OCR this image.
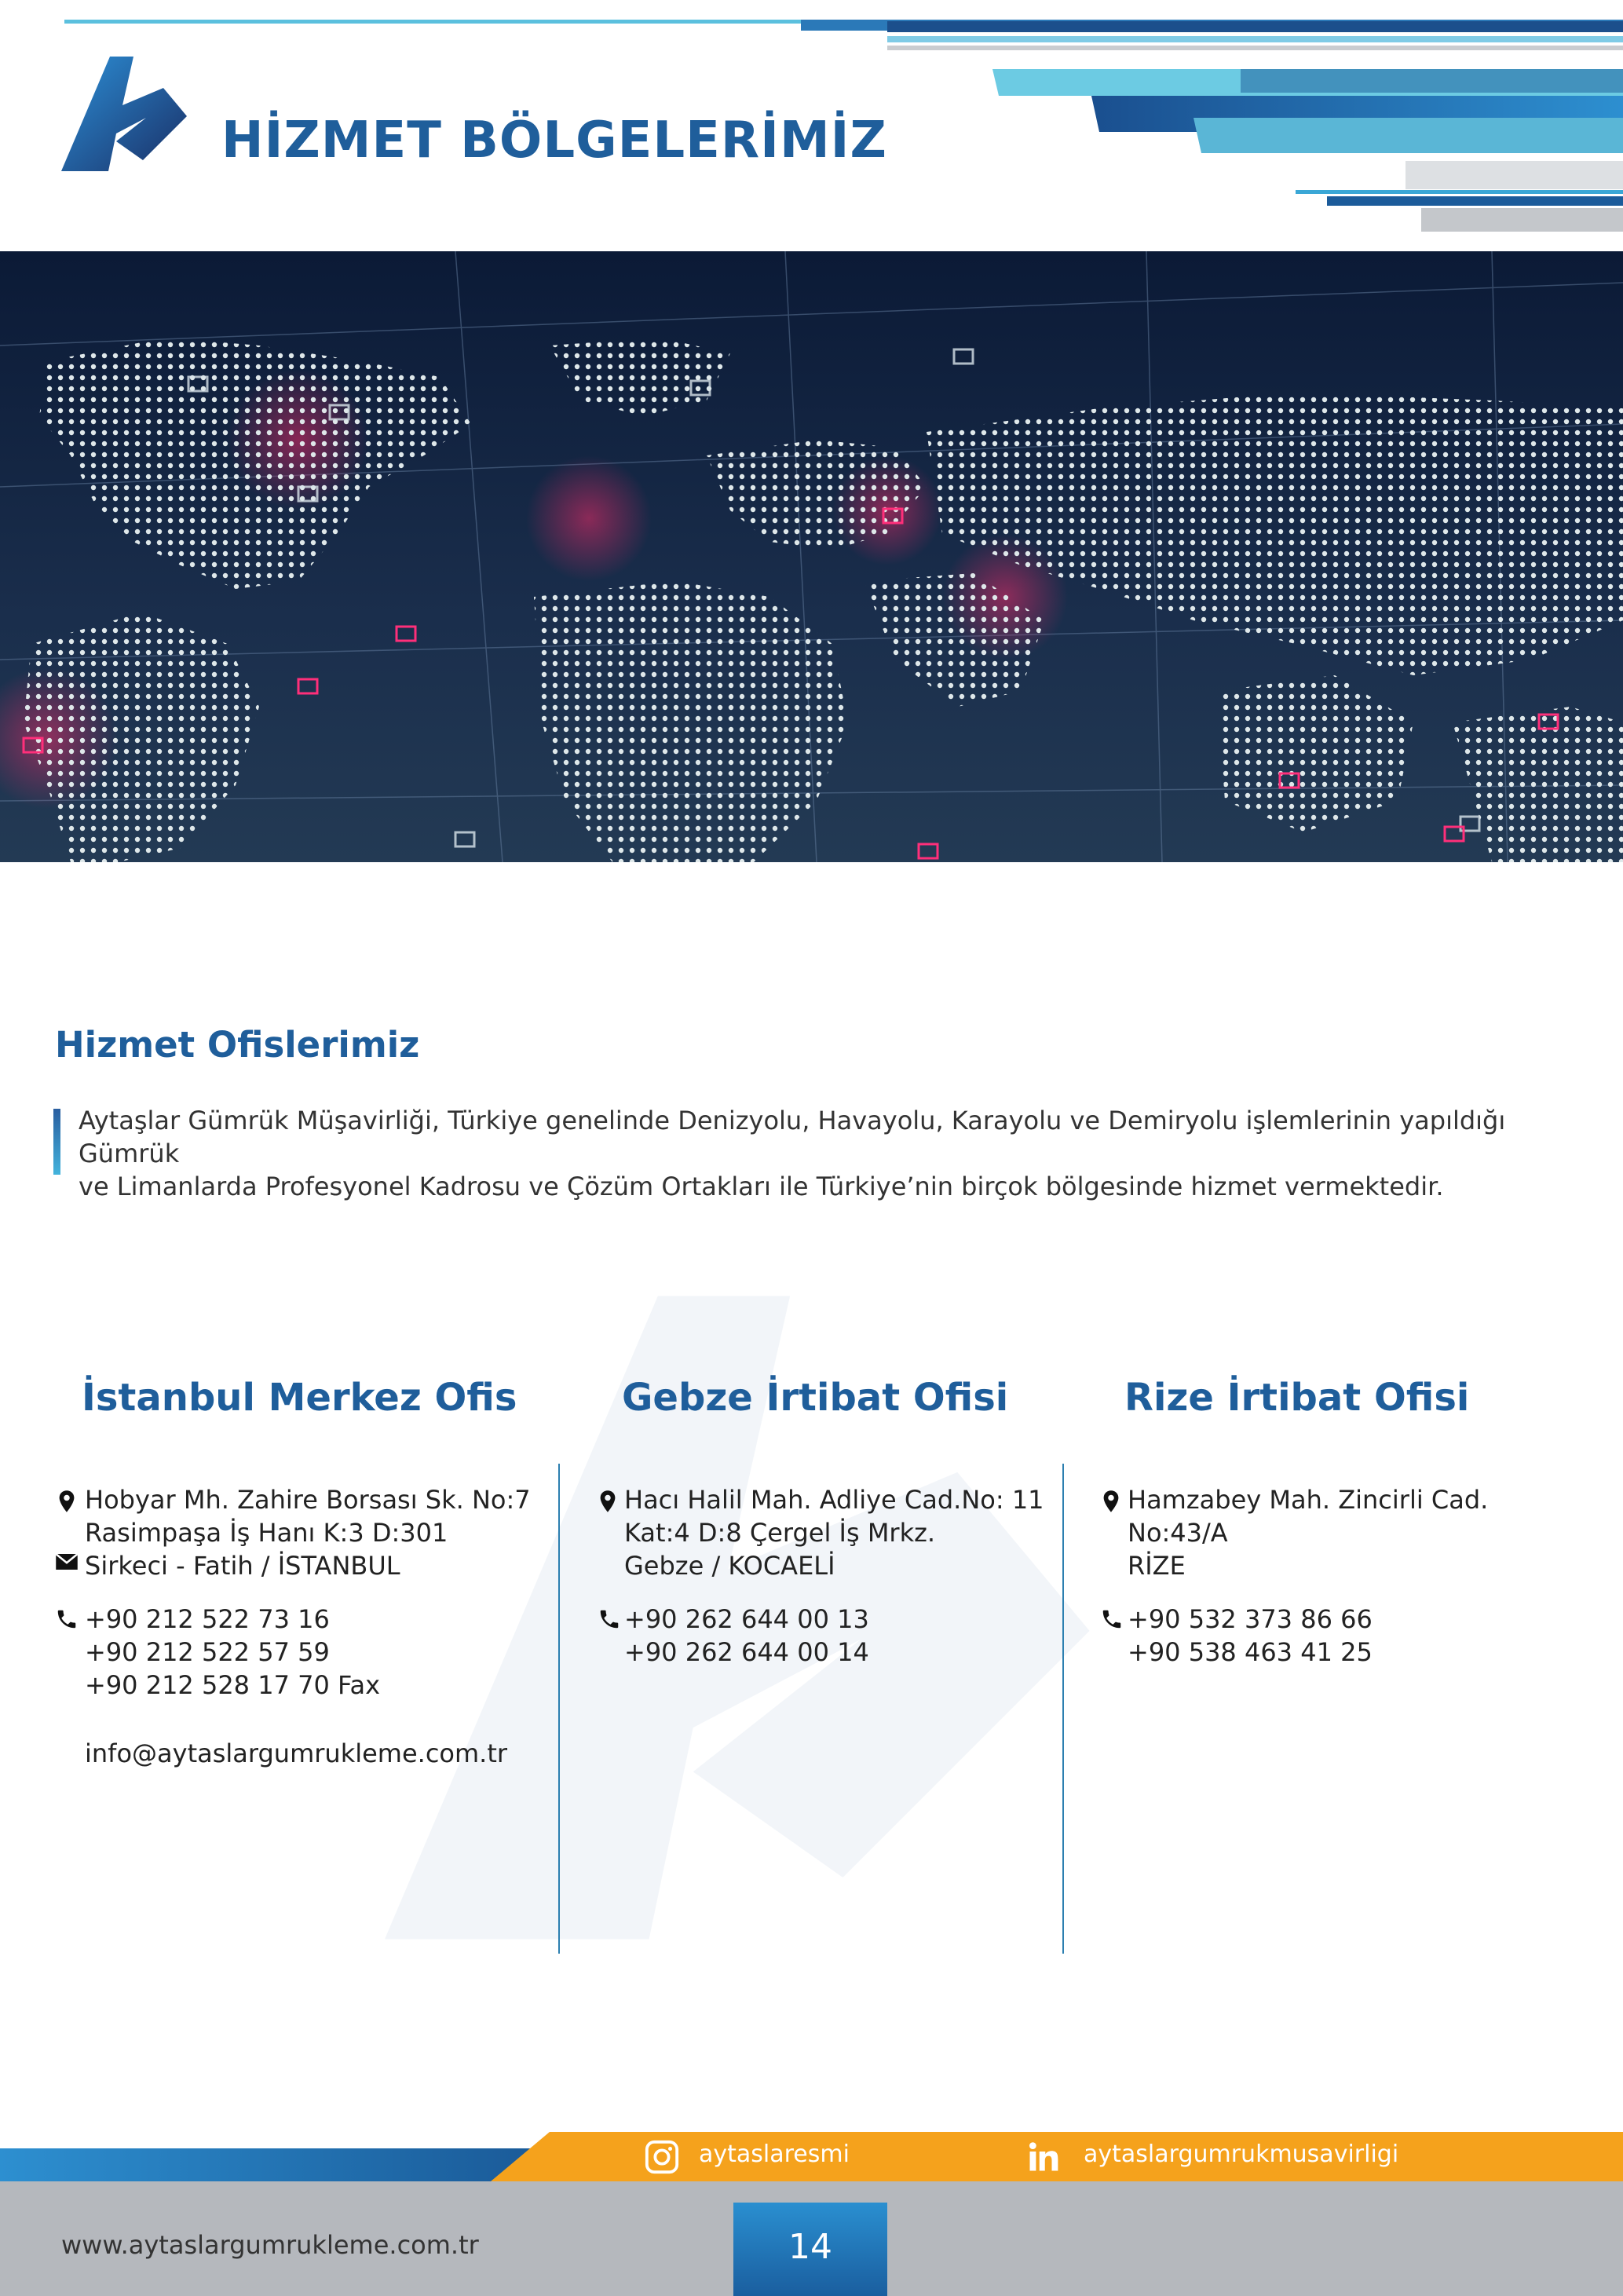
HİZMET BÖLGELERİMİZ
Hizmet Ofislerimiz
Aytaşlar Gümrük Müşavirliği, Türkiye genelinde Denizyolu, Havayolu, Karayolu ve Demiryolu işlemlerinin yapıldığı Gümrük
ve Limanlarda Profesyonel Kadrosu ve Çözüm Ortakları ile Türkiye’nin birçok bölgesinde hizmet vermektedir.
İstanbul Merkez Ofis
Hobyar Mh. Zahire Borsası Sk. No:7
Rasimpaşa İş Hanı K:3 D:301
Sirkeci - Fatih / İSTANBUL
+90 212 522 73 16
+90 212 522 57 59
+90 212 528 17 70 Fax
info@aytaslargumrukleme.com.tr
Gebze İrtibat Ofisi
Hacı Halil Mah. Adliye Cad.No: 11
Kat:4 D:8 Çergel İş Mrkz.
Gebze / KOCAELİ
+90 262 644 00 13
+90 262 644 00 14
Rize İrtibat Ofisi
Hamzabey Mah. Zincirli Cad.
No:43/A
RİZE
+90 532 373 86 66
+90 538 463 41 25
aytaslaresmi	aytaslargumrukmusavirligi
www.aytaslargumrukleme.com.tr	14
